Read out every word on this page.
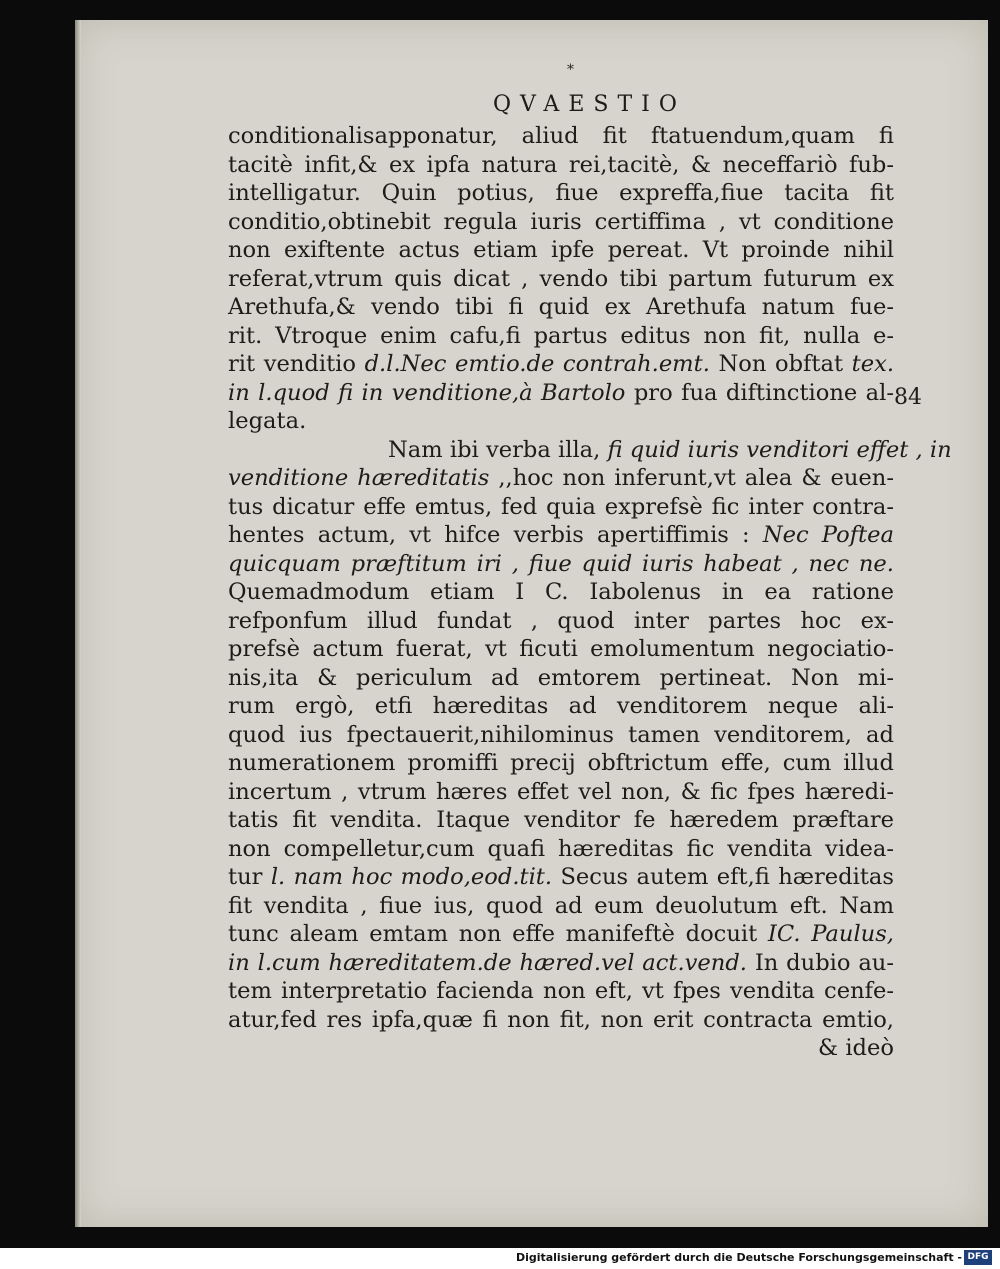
*
QVAESTIO
conditionalisapponatur, aliud fit ftatuendum,quam fi
tacitè infit,& ex ipfa natura rei,tacitè, & neceffariò fub-
intelligatur. Quin potius, fiue expreffa,fiue tacita fit
conditio,obtinebit regula iuris certiffima , vt conditione
non exiftente actus etiam ipfe pereat. Vt proinde nihil
referat,vtrum quis dicat , vendo tibi partum futurum ex
Arethufa,& vendo tibi fi quid ex Arethufa natum fue-
rit. Vtroque enim cafu,fi partus editus non fit, nulla e-
rit venditio d.l.Nec emtio.de contrah.emt. Non obftat tex.
in l.quod fi in venditione,à Bartolo pro fua diftinctione al-
legata.
Nam ibi verba illa, fi quid iuris venditori effet , in
venditione hæreditatis ,,hoc non inferunt,vt alea & euen-
tus dicatur effe emtus, fed quia exprefsè fic inter contra-
hentes actum, vt hifce verbis apertiffimis : Nec Poftea
quicquam præftitum iri , fiue quid iuris habeat , nec ne.
Quemadmodum etiam I C. Iabolenus in ea ratione
refponfum illud fundat , quod inter partes hoc ex-
prefsè actum fuerat, vt ficuti emolumentum negociatio-
nis,ita & periculum ad emtorem pertineat. Non mi-
rum ergò, etfi hæreditas ad venditorem neque ali-
quod ius fpectauerit,nihilominus tamen venditorem, ad
numerationem promiffi precij obftrictum effe, cum illud
incertum , vtrum hæres effet vel non, & fic fpes hæredi-
tatis fit vendita. Itaque venditor fe hæredem præftare
non compelletur,cum quafi hæreditas fic vendita videa-
tur l. nam hoc modo,eod.tit. Secus autem eft,fi hæreditas
fit vendita , fiue ius, quod ad eum deuolutum eft. Nam
tunc aleam emtam non effe manifeftè docuit IC. Paulus,
in l.cum hæreditatem.de hæred.vel act.vend. In dubio au-
tem interpretatio facienda non eft, vt fpes vendita cenfe-
atur,fed res ipfa,quæ fi non fit, non erit contracta emtio,
& ideò
84
Digitalisierung gefördert durch die Deutsche Forschungsgemeinschaft - DFG
